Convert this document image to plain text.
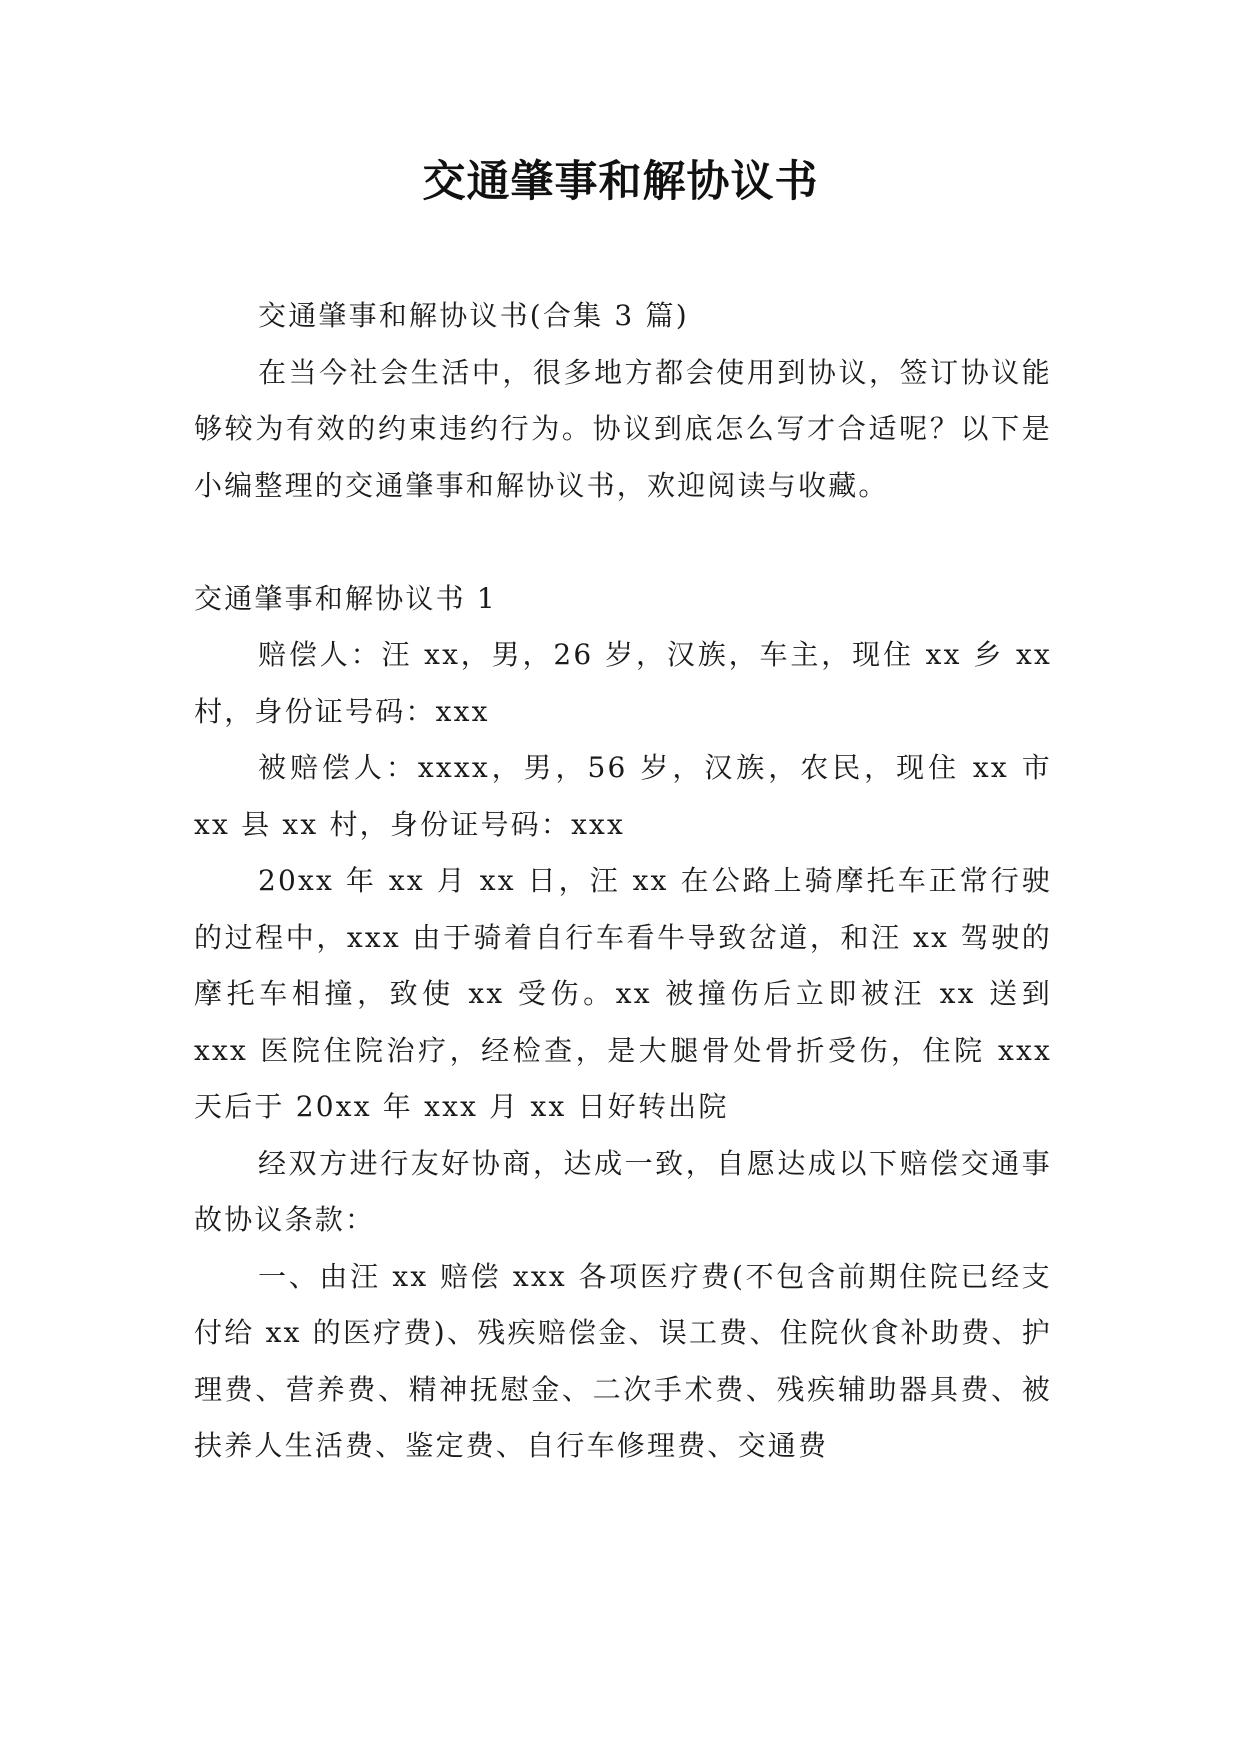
交通肇事和解协议书

交通肇事和解协议书(合集 3 篇)

在当今社会生活中，很多地方都会使用到协议，签订协议能够较为有效的约束违约行为。协议到底怎么写才合适呢？以下是小编整理的交通肇事和解协议书，欢迎阅读与收藏。

交通肇事和解协议书 1

赔偿人：汪 xx，男，26 岁，汉族，车主，现住 xx 乡 xx 村，身份证号码：xxx

被赔偿人：xxxx，男，56 岁，汉族，农民，现住 xx 市 xx 县 xx 村，身份证号码：xxx

20xx 年 xx 月 xx 日，汪 xx 在公路上骑摩托车正常行驶的过程中，xxx 由于骑着自行车看牛导致岔道，和汪 xx 驾驶的摩托车相撞，致使 xx 受伤。xx 被撞伤后立即被汪 xx 送到 xxx 医院住院治疗，经检查，是大腿骨处骨折受伤，住院 xxx 天后于 20xx 年 xxx 月 xx 日好转出院

经双方进行友好协商，达成一致，自愿达成以下赔偿交通事故协议条款：

一、由汪 xx 赔偿 xxx 各项医疗费(不包含前期住院已经支付给 xx 的医疗费)、残疾赔偿金、误工费、住院伙食补助费、护理费、营养费、精神抚慰金、二次手术费、残疾辅助器具费、被扶养人生活费、鉴定费、自行车修理费、交通费
